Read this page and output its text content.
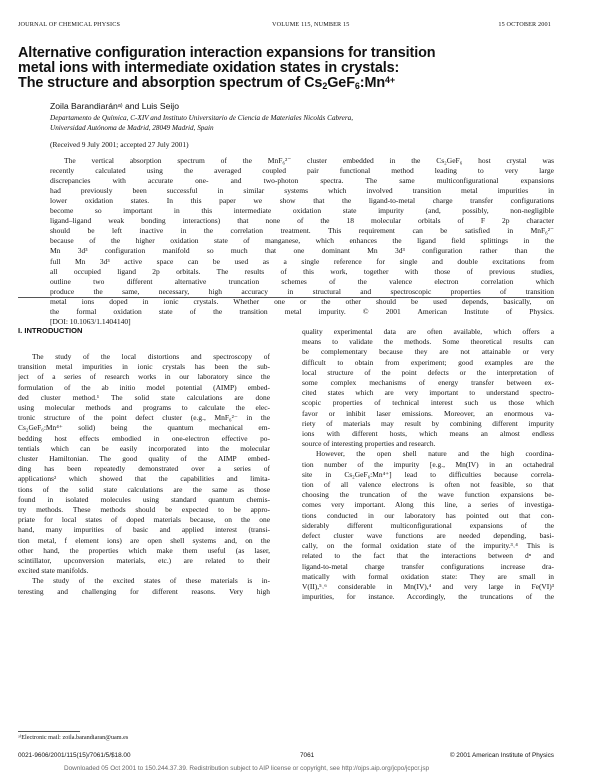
JOURNAL OF CHEMICAL PHYSICS	VOLUME 115, NUMBER 15	15 OCTOBER 2001
Alternative configuration interaction expansions for transition
metal ions with intermediate oxidation states in crystals:
The structure and absorption spectrum of $Cs2GeF6:Mn^{4+}$
Zoila Barandiarán$^{a)}$ and Luis Seijo
Departamento de Química, C-XIV and Instituto Universitario de Ciencia de Materiales Nicolás Cabrera,
Universidad Autónoma de Madrid, 28049 Madrid, Spain
(Received 9 July 2001; accepted 27 July 2001)
The vertical absorption spectrum of the MnF₆²⁻ cluster embedded in the Cs₂GeF₆ host crystal was
recently calculated using the averaged coupled pair functional method leading to very large
discrepancies with accurate one- and two-photon spectra. The same multiconfigurational expansions
had previously been successful in similar systems which involved transition metal impurities in
lower oxidation states. In this paper we show that the ligand-to-metal charge transfer configurations
become so important in this intermediate oxidation state impurity (and, possibly, non-negligible
ligand–ligand weak bonding interactions) that none of the 18 molecular orbitals of F 2p character
should be left inactive in the correlation treatment. This requirement can be satisfied in MnF₆²⁻
because of the higher oxidation state of manganese, which enhances the ligand field splittings in the
Mn 3d³ configuration manifold so much that one dominant Mn 3d³ configuration rather than the
full Mn 3d³ active space can be used as a single reference for single and double excitations from
all occupied ligand 2p orbitals. The results of this work, together with those of previous studies,
outline two different alternative truncation schemes of the valence electron correlation which
produce the same, necessary, high accuracy in structural and spectroscopic properties of transition
metal ions doped in ionic crystals. Whether one or the other should be used depends, basically, on
the formal oxidation state of the transition metal impurity. © 2001 American Institute of Physics.
[DOI: 10.1063/1.1404140]
I. INTRODUCTION
The study of the local distortions and spectroscopy of
transition metal impurities in ionic crystals has been the sub-
ject of a series of research works in our laboratory since the
formulation of the ab initio model potential (AIMP) embed-
ded cluster method.¹ The solid state calculations are done
using molecular methods and programs to calculate the elec-
tronic structure of the point defect cluster (e.g., MnF₆²⁻ in the
Cs₂GeF₆:Mn⁴⁺ solid) being the quantum mechanical em-
bedding host effects embodied in one-electron effective po-
tentials which can be easily incorporated into the molecular
cluster Hamiltonian. The good quality of the AIMP embed-
ding has been repeatedly demonstrated over a series of
applications² which showed that the capabilities and limita-
tions of the solid state calculations are the same as those
found in isolated molecules using standard quantum chemis-
try methods. These methods should be expected to be appro-
priate for local states of doped materials because, on the one
hand, many impurities of basic and applied interest (transi-
tion metal, f element ions) are open shell systems and, on the
other hand, the properties which make them useful (as laser,
scintillator, upconversion materials, etc.) are related to their
excited state manifolds.
The study of the excited states of these materials is in-
teresting and challenging for different reasons. Very high
quality experimental data are often available, which offers a
means to validate the methods. Some theoretical results can
be complementary because they are not attainable or very
difficult to obtain from experiment; good examples are the
local structure of the point defects or the interpretation of
some complex mechanisms of energy transfer between ex-
cited states which are very important to understand spectro-
scopic properties of technical interest such us those which
favor or inhibit laser emissions. Moreover, an enormous va-
riety of materials may result by combining different impurity
ions with different hosts, which means an almost endless
source of interesting properties and research.
However, the open shell nature and the high coordina-
tion number of the impurity [e.g., Mn(IV) in an octahedral
site in Cs₂GeF₆:Mn⁴⁺] lead to difficulties because correla-
tion of all valence electrons is often not feasible, so that
choosing the truncation of the wave function expansions be-
comes very important. Along this line, a series of investiga-
tions conducted in our laboratory has pointed out that con-
siderably different multiconfigurational expansions of the
defect cluster wave functions are needed depending, basi-
cally, on the formal oxidation state of the impurity.³˒⁴ This is
related to the fact that the interactions between dⁿ and
ligand-to-metal charge transfer configurations increase dra-
matically with formal oxidation state: They are small in
V(II),⁵˒⁶ considerable in Mn(IV),⁴ and very large in Fe(VI)³
impurities, for instance. Accordingly, the truncations of the
ᵃ⁾Electronic mail: zoila.barandiaran@uam.es
0021-9606/2001/115(15)/7061/5/$18.00	7061	© 2001 American Institute of Physics
Downloaded 05 Oct 2001 to 150.244.37.39. Redistribution subject to AIP license or copyright, see http://ojps.aip.org/jcpo/jcpcr.jsp
